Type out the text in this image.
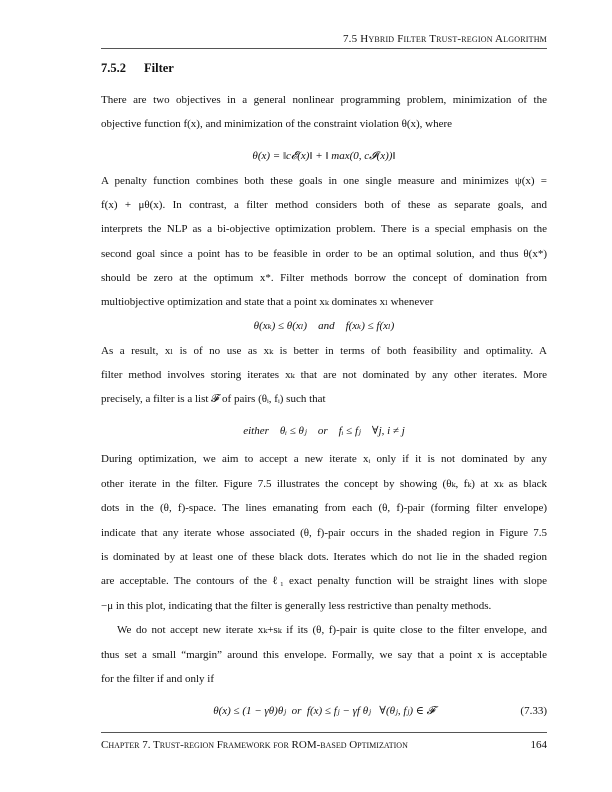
7.5 Hybrid Filter Trust-region Algorithm
7.5.2 Filter
There are two objectives in a general nonlinear programming problem, minimization of the
objective function f(x), and minimization of the constraint violation θ(x), where
θ(x) = ‖c𝓔(x)‖ + ‖ max(0, c𝓘(x))‖
A penalty function combines both these goals in one single measure and minimizes ψ(x) =
f(x) + μθ(x). In contrast, a filter method considers both of these as separate goals, and
interprets the NLP as a bi-objective optimization problem. There is a special emphasis on the
second goal since a point has to be feasible in order to be an optimal solution, and thus θ(x*)
should be zero at the optimum x*. Filter methods borrow the concept of domination from
multiobjective optimization and state that a point xₖ dominates xₗ whenever
θ(xₖ) ≤ θ(xₗ)    and    f(xₖ) ≤ f(xₗ)
As a result, xₗ is of no use as xₖ is better in terms of both feasibility and optimality. A
filter method involves storing iterates xₖ that are not dominated by any other iterates. More
precisely, a filter is a list 𝓕 of pairs (θᵢ, fᵢ) such that
either    θᵢ ≤ θⱼ    or    fᵢ ≤ fⱼ    ∀j, i ≠ j
During optimization, we aim to accept a new iterate xᵢ only if it is not dominated by any
other iterate in the filter. Figure 7.5 illustrates the concept by showing (θₖ, fₖ) at xₖ as black
dots in the (θ, f)-space. The lines emanating from each (θ, f)-pair (forming filter envelope)
indicate that any iterate whose associated (θ, f)-pair occurs in the shaded region in Figure 7.5
is dominated by at least one of these black dots. Iterates which do not lie in the shaded region
are acceptable. The contours of the ℓ₁ exact penalty function will be straight lines with slope
−μ in this plot, indicating that the filter is generally less restrictive than penalty methods.
We do not accept new iterate xₖ+sₖ if its (θ, f)-pair is quite close to the filter envelope, and
thus set a small “margin” around this envelope. Formally, we say that a point x is acceptable
for the filter if and only if
θ(x) ≤ (1 − γθ)θⱼ  or  f(x) ≤ fⱼ − γf θⱼ   ∀(θⱼ, fⱼ) ∈ 𝓕	(7.33)
Chapter 7. Trust-region Framework for ROM-based Optimization	164
